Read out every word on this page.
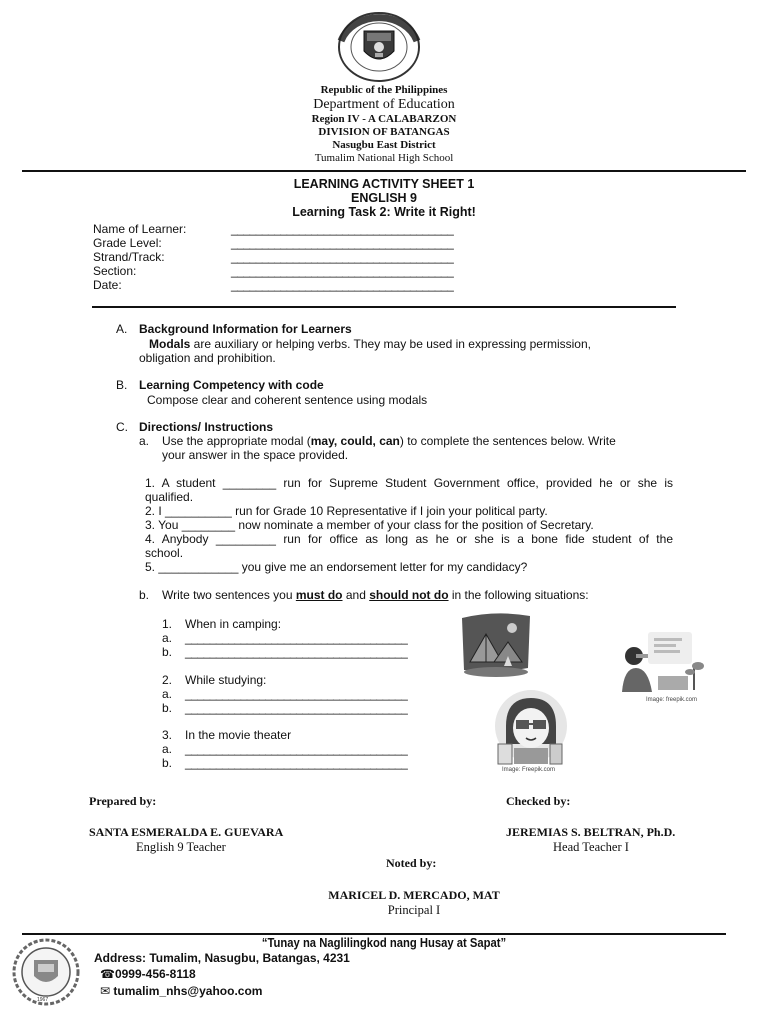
Republic of the Philippines
Department of Education
Region IV - A CALABARZON
DIVISION OF BATANGAS
Nasugbu East District
Tumalim National High School
LEARNING ACTIVITY SHEET 1
ENGLISH 9
Learning Task 2: Write it Right!
Name of Learner:
Grade Level:
Strand/Track:
Section:
Date:
____________________________________
____________________________________
____________________________________
____________________________________
____________________________________
A. Background Information for Learners
Modals are auxiliary or helping verbs. They may be used in expressing permission,
obligation and prohibition.
B. Learning Competency with code
Compose clear and coherent sentence using modals
C. Directions/ Instructions
a. Use the appropriate modal (may, could, can) to complete the sentences below. Write
your answer in the space provided.
1. A student ________ run for Supreme Student Government office, provided he or she is
qualified.
2. I __________ run for Grade 10 Representative if I join your political party.
3. You ________ now nominate a member of your class for the position of Secretary.
4. Anybody _________ run for office as long as he or she is a bone fide student of the
school.
5. ____________ you give me an endorsement letter for my candidacy?
b. Write two sentences you must do and should not do in the following situations:
1. When in camping:
a. ____________________________________
b. ____________________________________
2. While studying:
a. ____________________________________
b. ____________________________________
3. In the movie theater
a. ____________________________________
b. ____________________________________
Image: freepik.com
Image: Freepik.com
Prepared by:	Checked by:
SANTA ESMERALDA E. GUEVARA
English 9 Teacher
JEREMIAS S. BELTRAN, Ph.D.
Head Teacher I
Noted by:
MARICEL D. MERCADO, MAT
Principal I
“Tunay na Naglilingkod nang Husay at Sapat”
1967
Address: Tumalim, Nasugbu, Batangas, 4231
☎0999-456-8118
✉ tumalim_nhs@yahoo.com
